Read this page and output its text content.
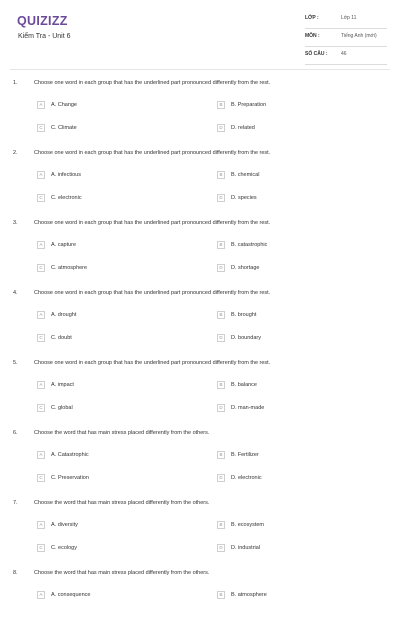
QUIZIZZ
Kiểm Tra - Unit 6
LỚP :	Lớp 11
MÔN :	Tiếng Anh (mới)
SỐ CÂU :	46
1.	Choose one word in each group that has the underlined part pronounced differently from the rest.
A	A. Change	B	B. Preparation
C	C. Climate	D	D. related
2.	Choose one word in each group that has the underlined part pronounced differently from the rest.
A	A. infectious	B	B. chemical
C	C. electronic	D	D. species
3.	Choose one word in each group that has the underlined part pronounced differently from the rest.
A	A. capture	B	B. catastrophic
C	C. atmosphere	D	D. shortage
4.	Choose one word in each group that has the underlined part pronounced differently from the rest.
A	A. drought	B	B. brought
C	C. doubt	D	D. boundary
5.	Choose one word in each group that has the underlined part pronounced differently from the rest.
A	A. impact	B	B. balance
C	C. global	D	D. man-made
6.	Choose the word that has main stress placed differently from the others.
A	A. Catastrophic	B	B. Fertilizer
C	C. Preservation	D	D. electronic
7.	Choose the word that has main stress placed differently from the others.
A	A. diversity	B	B. ecosystem
C	C. ecology	D	D. industrial
8.	Choose the word that has main stress placed differently from the others.
A	A. consequence	B	B. atmosphere
